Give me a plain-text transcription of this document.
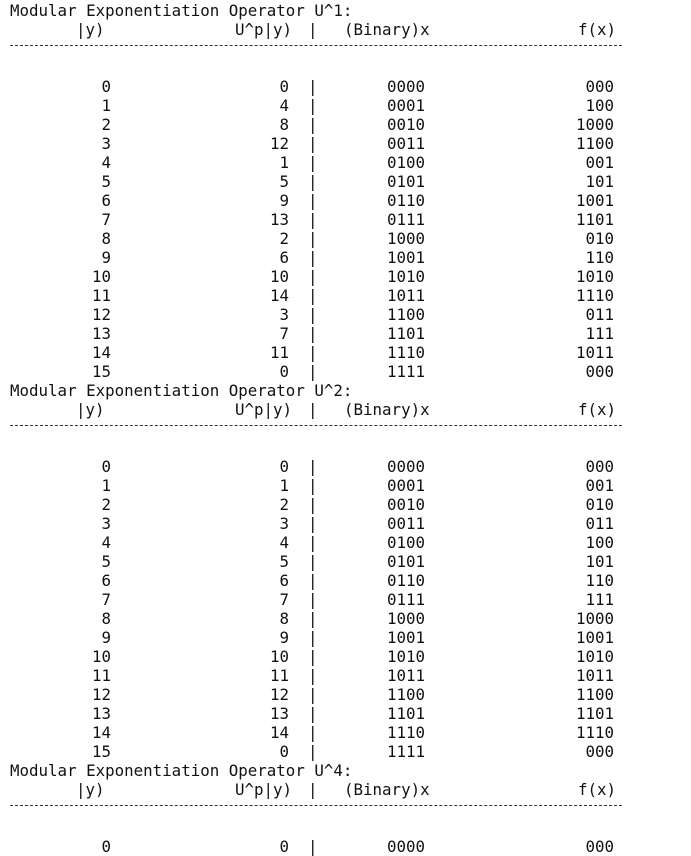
Modular Exponentiation Operator U^1:
|y)	U^p|y) | (Binary)x	f(x)
0	0 |	0000	000
1	4 |	0001	100
2	8 |	0010	1000
3	12 |	0011	1100
4	1 |	0100	001
5	5 |	0101	101
6	9 |	0110	1001
7	13 |	0111	1101
8	2 |	1000	010
9	6 |	1001	110
10	10 |	1010	1010
11	14 |	1011	1110
12	3 |	1100	011
13	7 |	1101	111
14	11 |	1110	1011
15	0 |	1111	000
Modular Exponentiation Operator U^2:
|y)	U^p|y) | (Binary)x	f(x)
0	0 |	0000	000
1	1 |	0001	001
2	2 |	0010	010
3	3 |	0011	011
4	4 |	0100	100
5	5 |	0101	101
6	6 |	0110	110
7	7 |	0111	111
8	8 |	1000	1000
9	9 |	1001	1001
10	10 |	1010	1010
11	11 |	1011	1011
12	12 |	1100	1100
13	13 |	1101	1101
14	14 |	1110	1110
15	0 |	1111	000
Modular Exponentiation Operator U^4:
|y)	U^p|y) | (Binary)x	f(x)
0	0 |	0000	000
